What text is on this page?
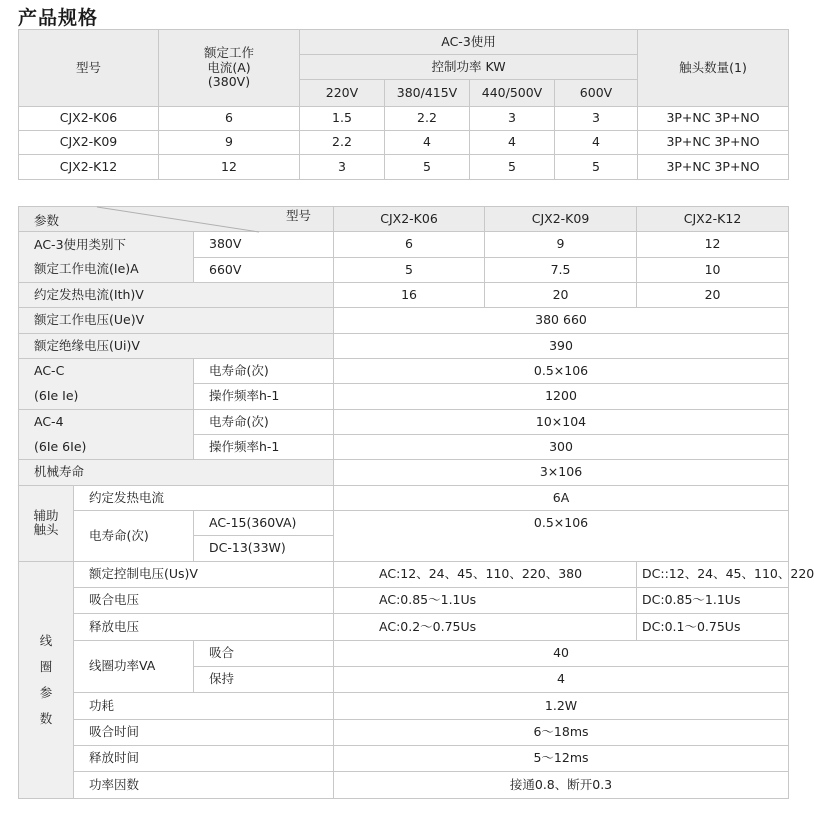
产品规格
型号	额定工作
电流(A)
(380V)	AC-3使用				触头数量(1)
		控制功率 KW				
		220V	380/415V	440/500V	600V	
CJX2-K06	6	1.5	2.2	3	3	3P+NC 3P+NO
CJX2-K09	9	2.2	4	4	4	3P+NC 3P+NO
CJX2-K12	12	3	5	5	5	3P+NC 3P+NO
参数 型号			CJX2-K06	CJX2-K09	CJX2-K12
AC-3使用类别下		380V	6	9	12
额定工作电流(Ie)A		660V	5	7.5	10
约定发热电流(Ith)V			16	20	20
额定工作电压(Ue)V			380 660		
额定绝缘电压(Ui)V			390		
AC-C		电寿命(次)	0.5×106		
(6Ie Ie)		操作频率h-1	1200		
AC-4		电寿命(次)	10×104		
(6Ie 6Ie)		操作频率h-1	300		
机械寿命			3×106		

辅助
触头	约定发热电流		6A		
	电寿命(次)	AC-15(360VA)	0.5×106		
		DC-13(33W)			

线
圈
参
数	额定控制电压(Us)V		AC:12、24、45、110、220、380		DC::12、24、45、110、220
	吸合电压		AC:0.85～1.1Us		DC:0.85～1.1Us
	释放电压		AC:0.2～0.75Us		DC:0.1～0.75Us
	线圈功率VA	吸合	40		
		保持	4		
	功耗		1.2W		
	吸合时间		6～18ms		
	释放时间		5～12ms		
	功率因数		接通0.8、断开0.3		
